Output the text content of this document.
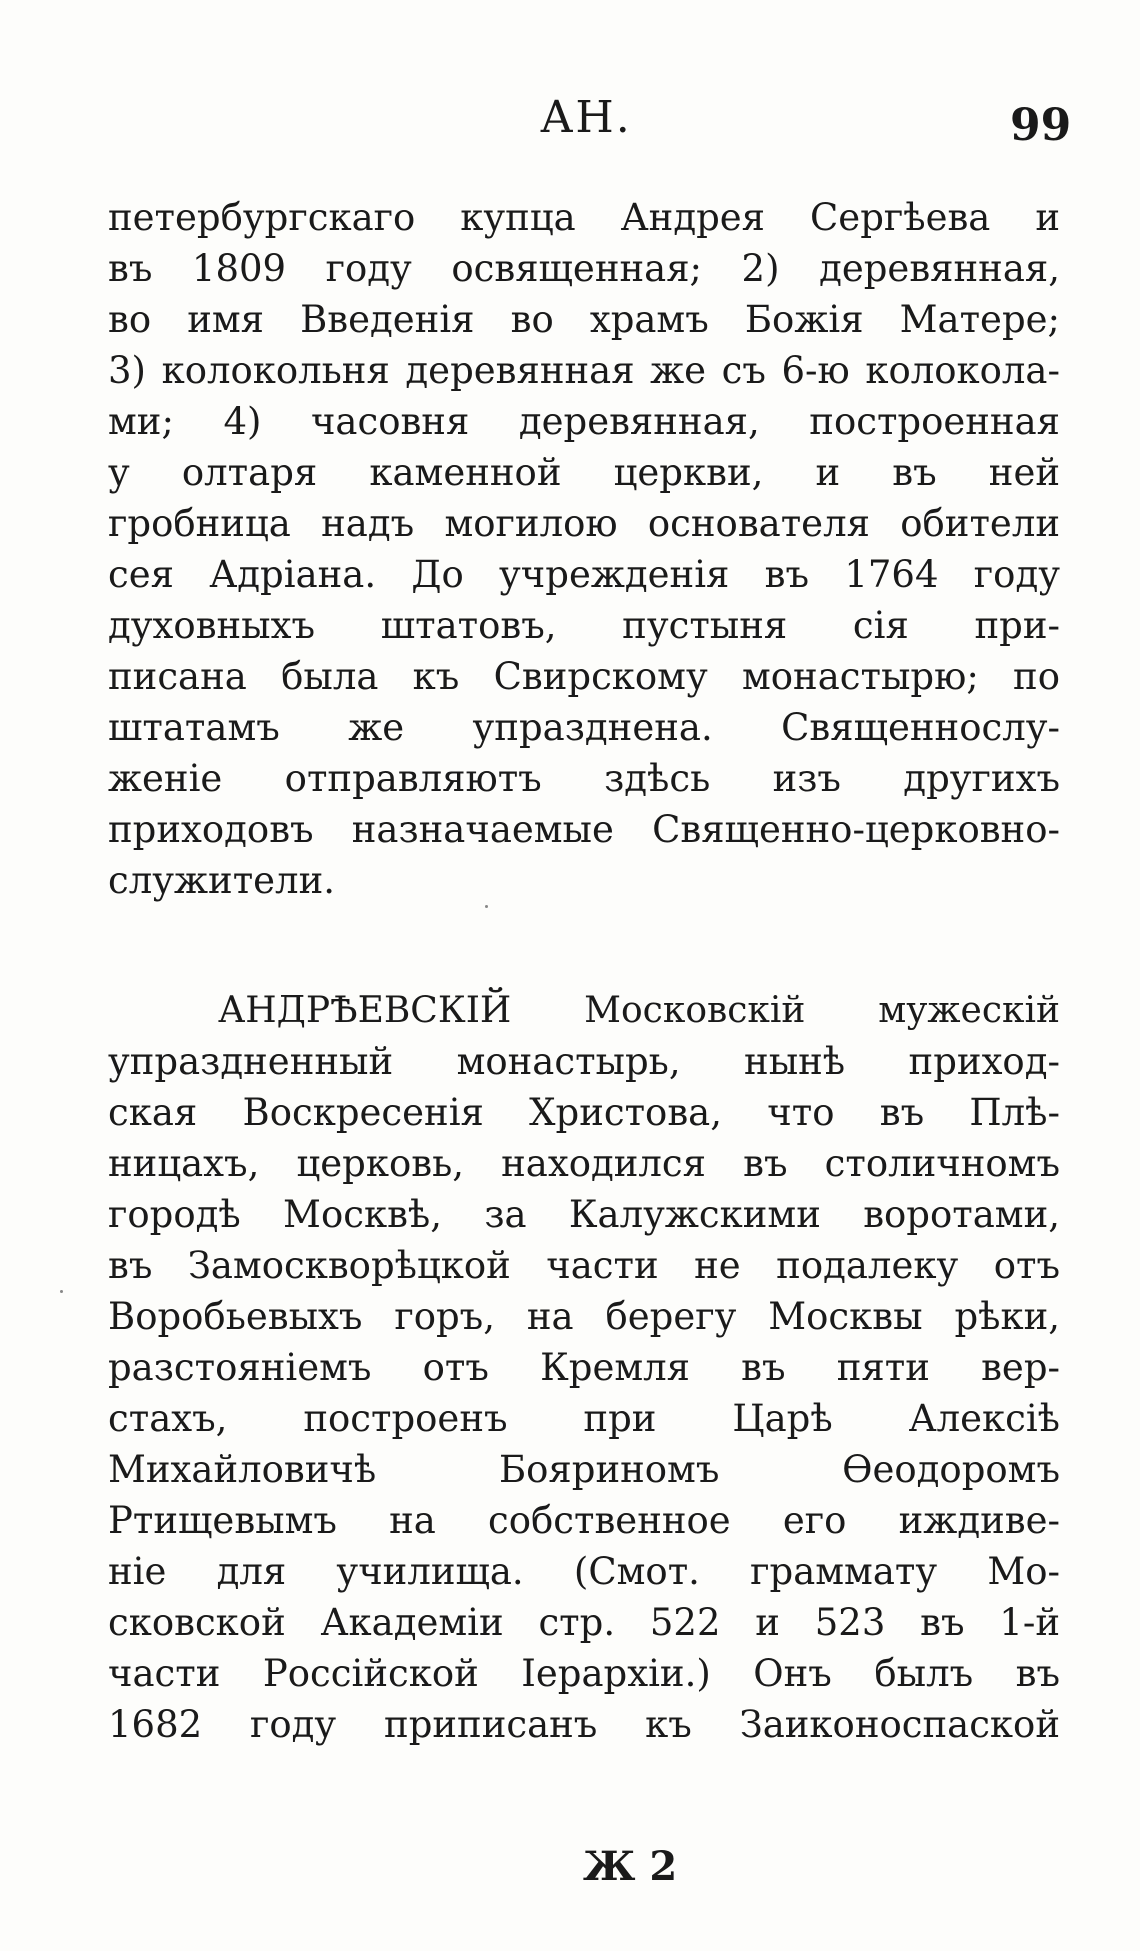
АН.	99
петербургскаго купца Андрея Сергѣева и
въ 1809 году освященная; 2) деревянная,
во имя Введенія во храмъ Божія Матере;
3) колокольня деревянная же съ 6-ю колокола-
ми; 4) часовня деревянная, построенная
у олтаря каменной церкви, и въ ней
гробница надъ могилою основателя обители
сея Адріана. До учрежденія въ 1764 году
духовныхъ штатовъ, пустыня сія при-
писана была къ Свирскому монастырю; по
штатамъ же упразднена. Священнослу-
женіе отправляютъ здѣсь изъ другихъ
приходовъ назначаемые Священно-церковно-
служители.
АНДРѢЕВСКІЙ Московскій мужескій
упраздненный монастырь, нынѣ приход-
ская Воскресенія Христова, что въ Плѣ-
ницахъ, церковь, находился въ столичномъ
городѣ Москвѣ, за Калужскими воротами,
въ Замоскворѣцкой части не подалеку отъ
Воробьевыхъ горъ, на берегу Москвы рѣки,
разстояніемъ отъ Кремля въ пяти вер-
стахъ, построенъ при Царѣ Алексіѣ
Михайловичѣ Бояриномъ Ѳеодоромъ
Ртищевымъ на собственное его иждиве-
ніе для училища. (Смот. граммату Мо-
сковской Академіи стр. 522 и 523 въ 1-й
части Россійской Іерархіи.) Онъ былъ въ
1682 году приписанъ къ Заиконоспаской
Ж 2
